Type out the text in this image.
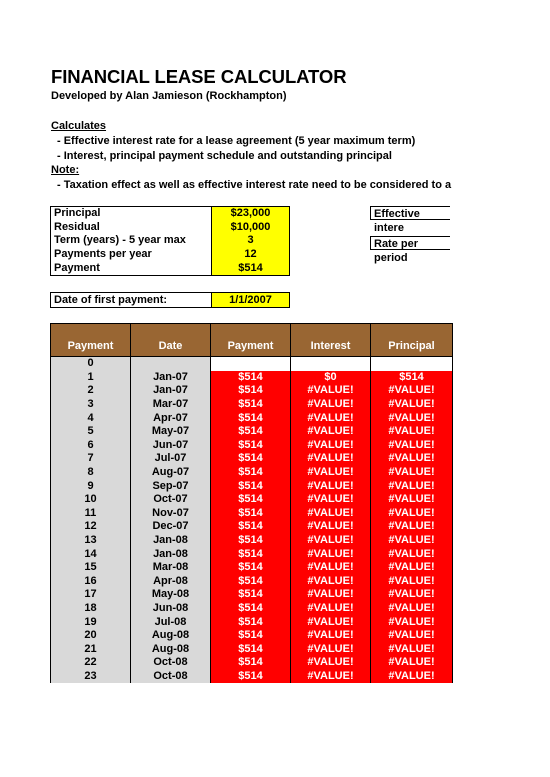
FINANCIAL LEASE CALCULATOR
Developed by Alan Jamieson (Rockhampton)
Calculates
- Effective interest rate for a lease agreement (5 year maximum term)
- Interest, principal payment schedule and outstanding principal
Note:
- Taxation effect as well as effective interest rate need to be considered to a
Principal	$23,000
Residual	$10,000
Term (years) - 5 year max	3
Payments per year	12
Payment	$514
Effective intere
Rate per period
Date of first payment:	1/1/2007
Payment	Date	Payment	Interest	Principal
0				
1	Jan-07	$514	$0	$514
2	Jan-07	$514	#VALUE!	#VALUE!
3	Mar-07	$514	#VALUE!	#VALUE!
4	Apr-07	$514	#VALUE!	#VALUE!
5	May-07	$514	#VALUE!	#VALUE!
6	Jun-07	$514	#VALUE!	#VALUE!
7	Jul-07	$514	#VALUE!	#VALUE!
8	Aug-07	$514	#VALUE!	#VALUE!
9	Sep-07	$514	#VALUE!	#VALUE!
10	Oct-07	$514	#VALUE!	#VALUE!
11	Nov-07	$514	#VALUE!	#VALUE!
12	Dec-07	$514	#VALUE!	#VALUE!
13	Jan-08	$514	#VALUE!	#VALUE!
14	Jan-08	$514	#VALUE!	#VALUE!
15	Mar-08	$514	#VALUE!	#VALUE!
16	Apr-08	$514	#VALUE!	#VALUE!
17	May-08	$514	#VALUE!	#VALUE!
18	Jun-08	$514	#VALUE!	#VALUE!
19	Jul-08	$514	#VALUE!	#VALUE!
20	Aug-08	$514	#VALUE!	#VALUE!
21	Aug-08	$514	#VALUE!	#VALUE!
22	Oct-08	$514	#VALUE!	#VALUE!
23	Oct-08	$514	#VALUE!	#VALUE!
